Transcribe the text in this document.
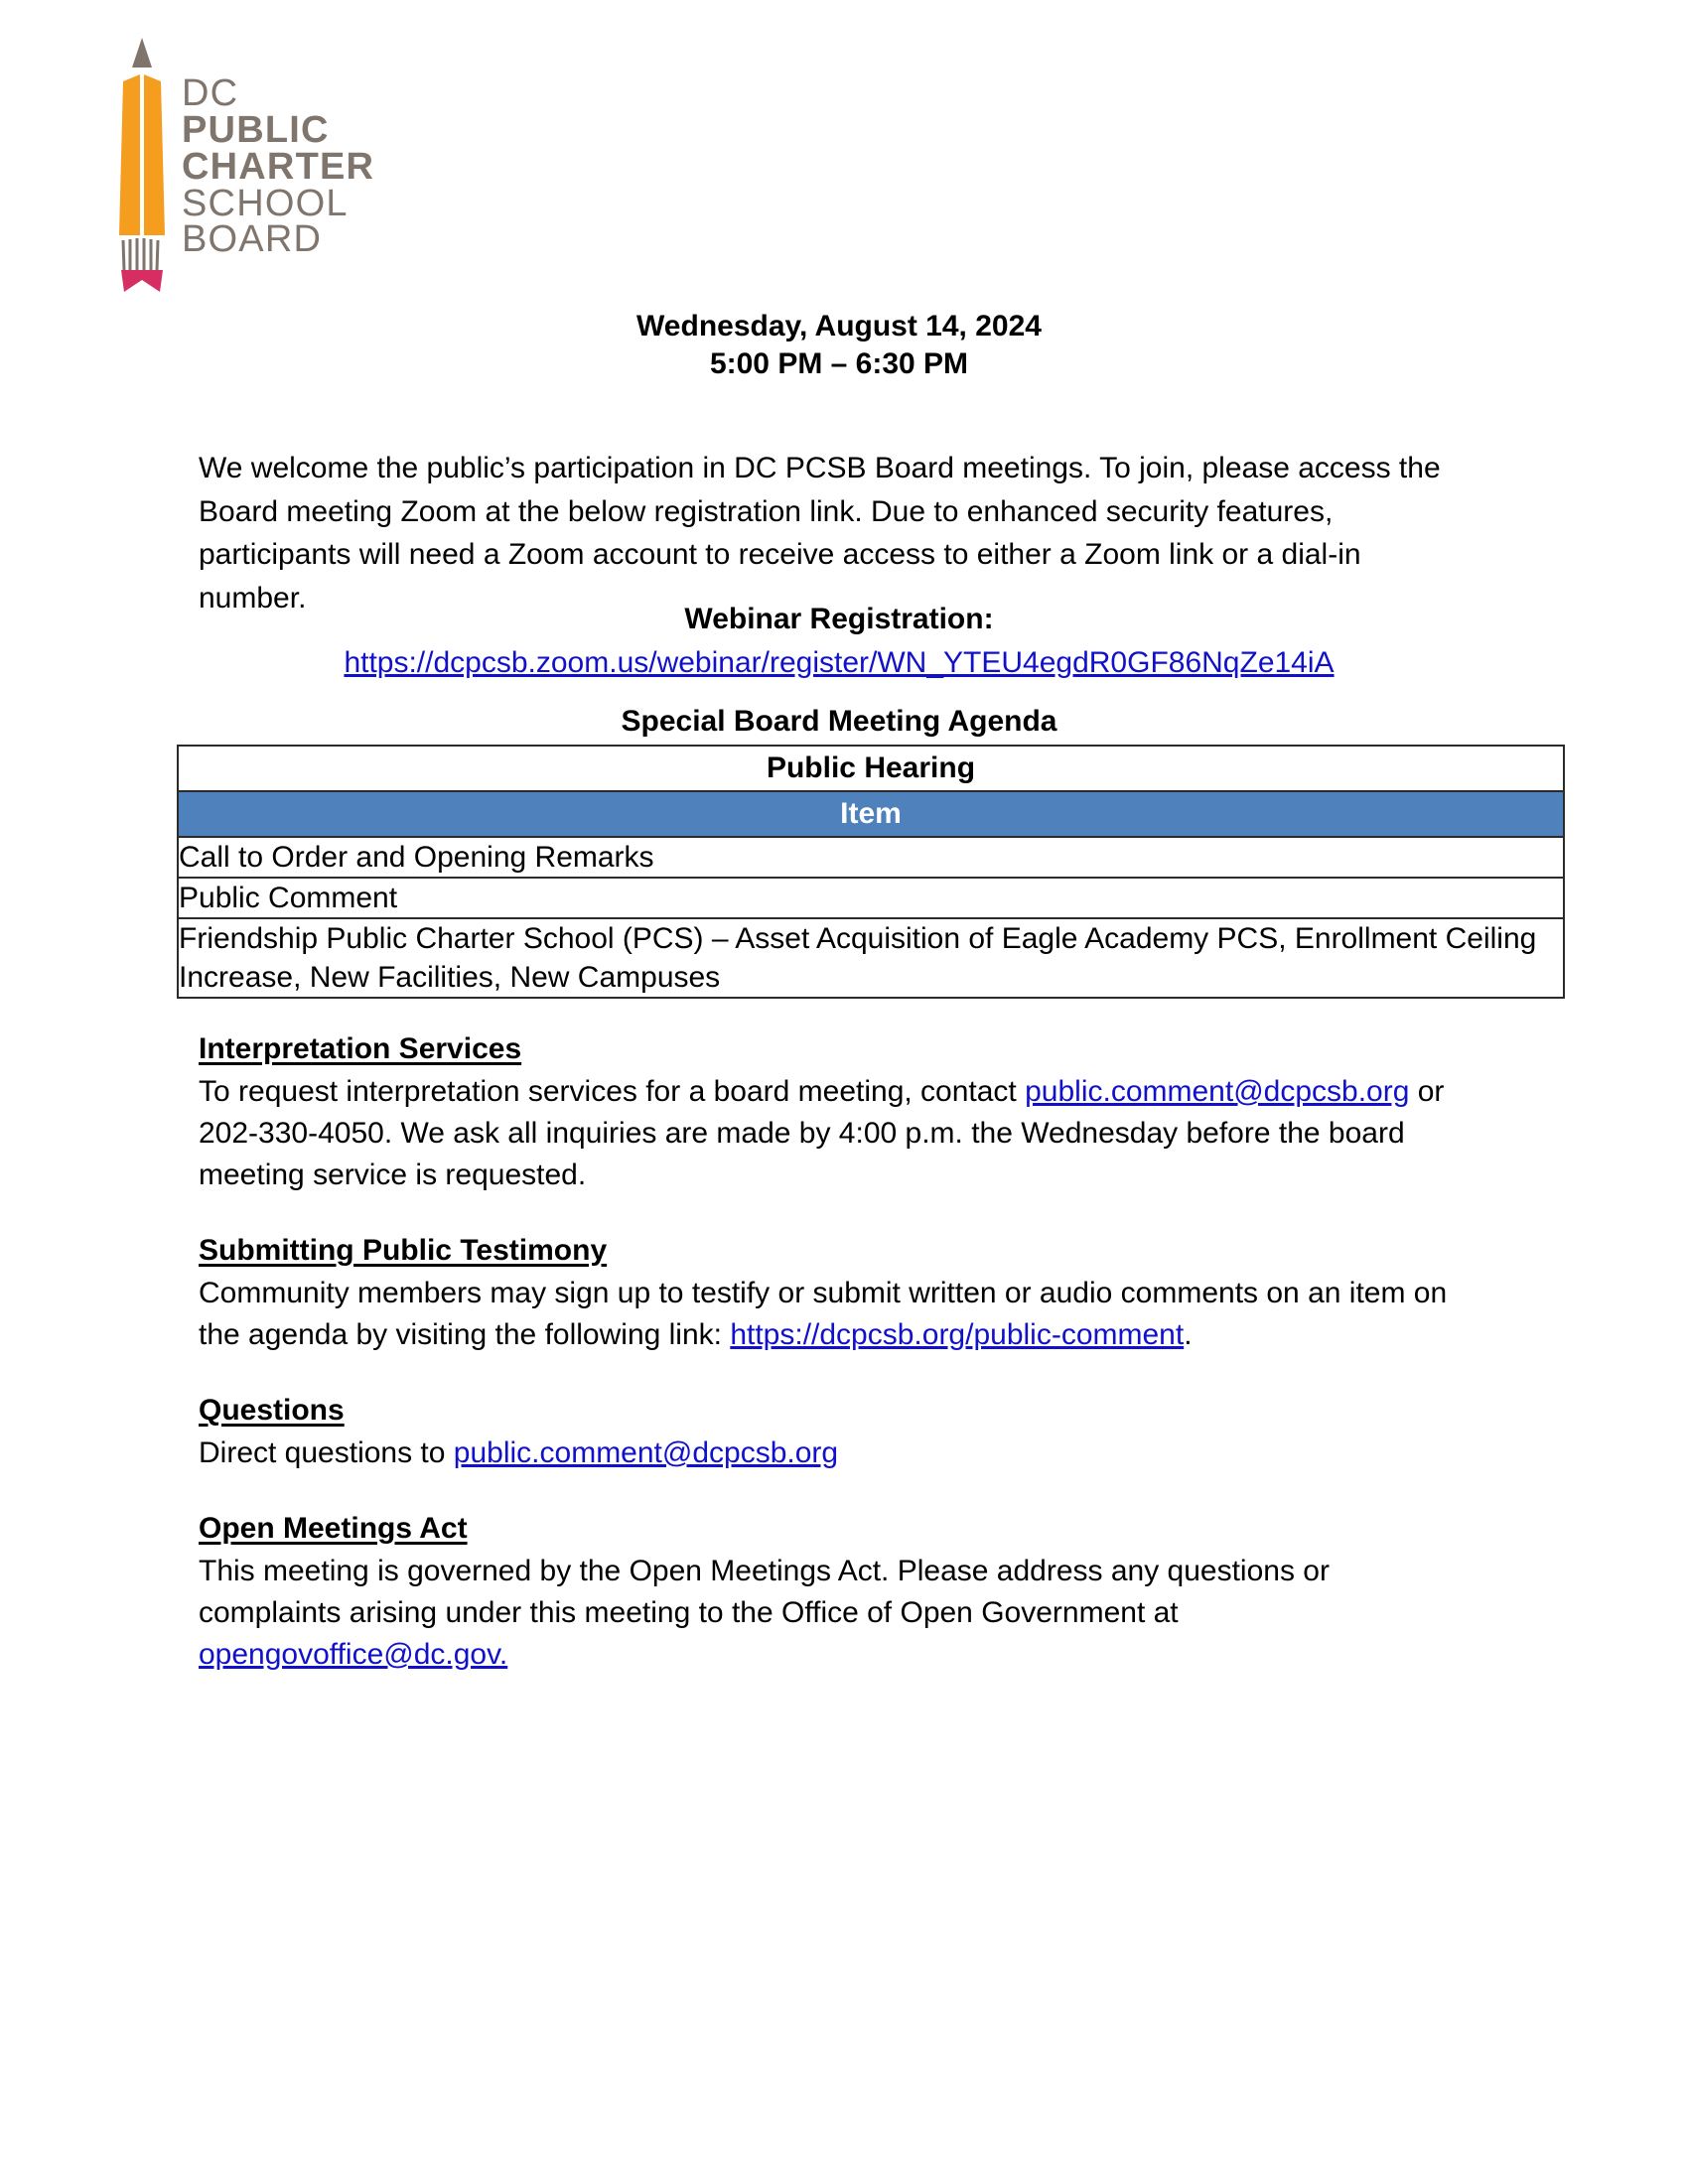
DC
PUBLIC
CHARTER
SCHOOL
BOARD
Wednesday, August 14, 2024
5:00 PM – 6:30 PM

We welcome the public’s participation in DC PCSB Board meetings. To join, please access the Board meeting Zoom at the below registration link. Due to enhanced security features, participants will need a Zoom account to receive access to either a Zoom link or a dial-in number.

Webinar Registration:
https://dcpcsb.zoom.us/webinar/register/WN_YTEU4egdR0GF86NqZe14iA
Special Board Meeting Agenda
Public Hearing
Item
Call to Order and Opening Remarks
Public Comment
Friendship Public Charter School (PCS) – Asset Acquisition of Eagle Academy PCS, Enrollment Ceiling Increase, New Facilities, New Campuses
Interpretation Services

To request interpretation services for a board meeting, contact public.comment@dcpcsb.org or 202-330-4050. We ask all inquiries are made by 4:00 p.m. the Wednesday before the board meeting service is requested.

Submitting Public Testimony

Community members may sign up to testify or submit written or audio comments on an item on the agenda by visiting the following link: https://dcpcsb.org/public-comment.

Questions

Direct questions to public.comment@dcpcsb.org

Open Meetings Act

This meeting is governed by the Open Meetings Act. Please address any questions or complaints arising under this meeting to the Office of Open Government at opengovoffice@dc.gov.
